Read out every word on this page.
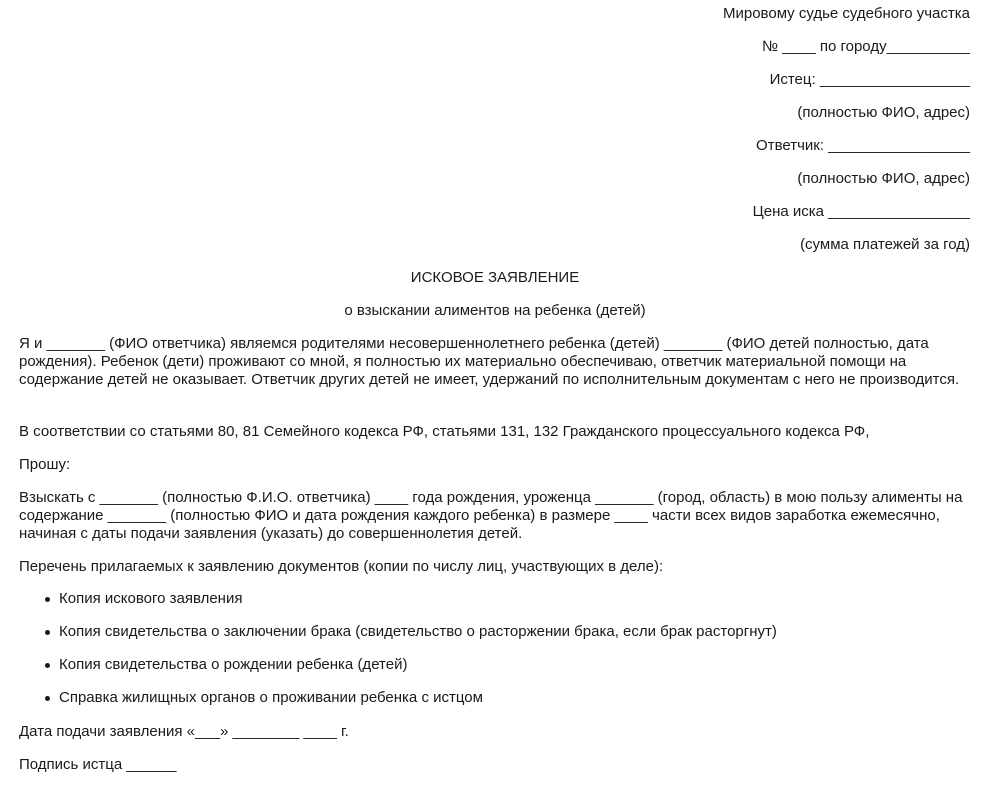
Мировому судье судебного участка

№ ____ по городу__________

Истец: __________________

(полностью ФИО, адрес)

Ответчик: _________________

(полностью ФИО, адрес)

Цена иска _________________

(сумма платежей за год)

ИСКОВОЕ ЗАЯВЛЕНИЕ

о взыскании алиментов на ребенка (детей)

Я и _______ (ФИО ответчика) являемся родителями несовершеннолетнего ребенка (детей) _______ (ФИО детей полностью, дата рождения). Ребенок (дети) проживают со мной, я полностью их материально обеспечиваю, ответчик материальной помощи на содержание детей не оказывает. Ответчик других детей не имеет, удержаний по исполнительным документам с него не производится.

В соответствии со статьями 80, 81 Семейного кодекса РФ, статьями 131, 132 Гражданского процессуального кодекса РФ,

Прошу:

Взыскать с _______ (полностью Ф.И.О. ответчика) ____ года рождения, уроженца _______ (город, область) в мою пользу алименты на содержание _______ (полностью ФИО и дата рождения каждого ребенка) в размере ____ части всех видов заработка ежемесячно, начиная с даты подачи заявления (указать) до совершеннолетия детей.

Перечень прилагаемых к заявлению документов (копии по числу лиц, участвующих в деле):

Копия искового заявления
Копия свидетельства о заключении брака (свидетельство о расторжении брака, если брак расторгнут)
Копия свидетельства о рождении ребенка (детей)
Справка жилищных органов о проживании ребенка с истцом

Дата подачи заявления «___» ________ ____ г.

Подпись истца ______
